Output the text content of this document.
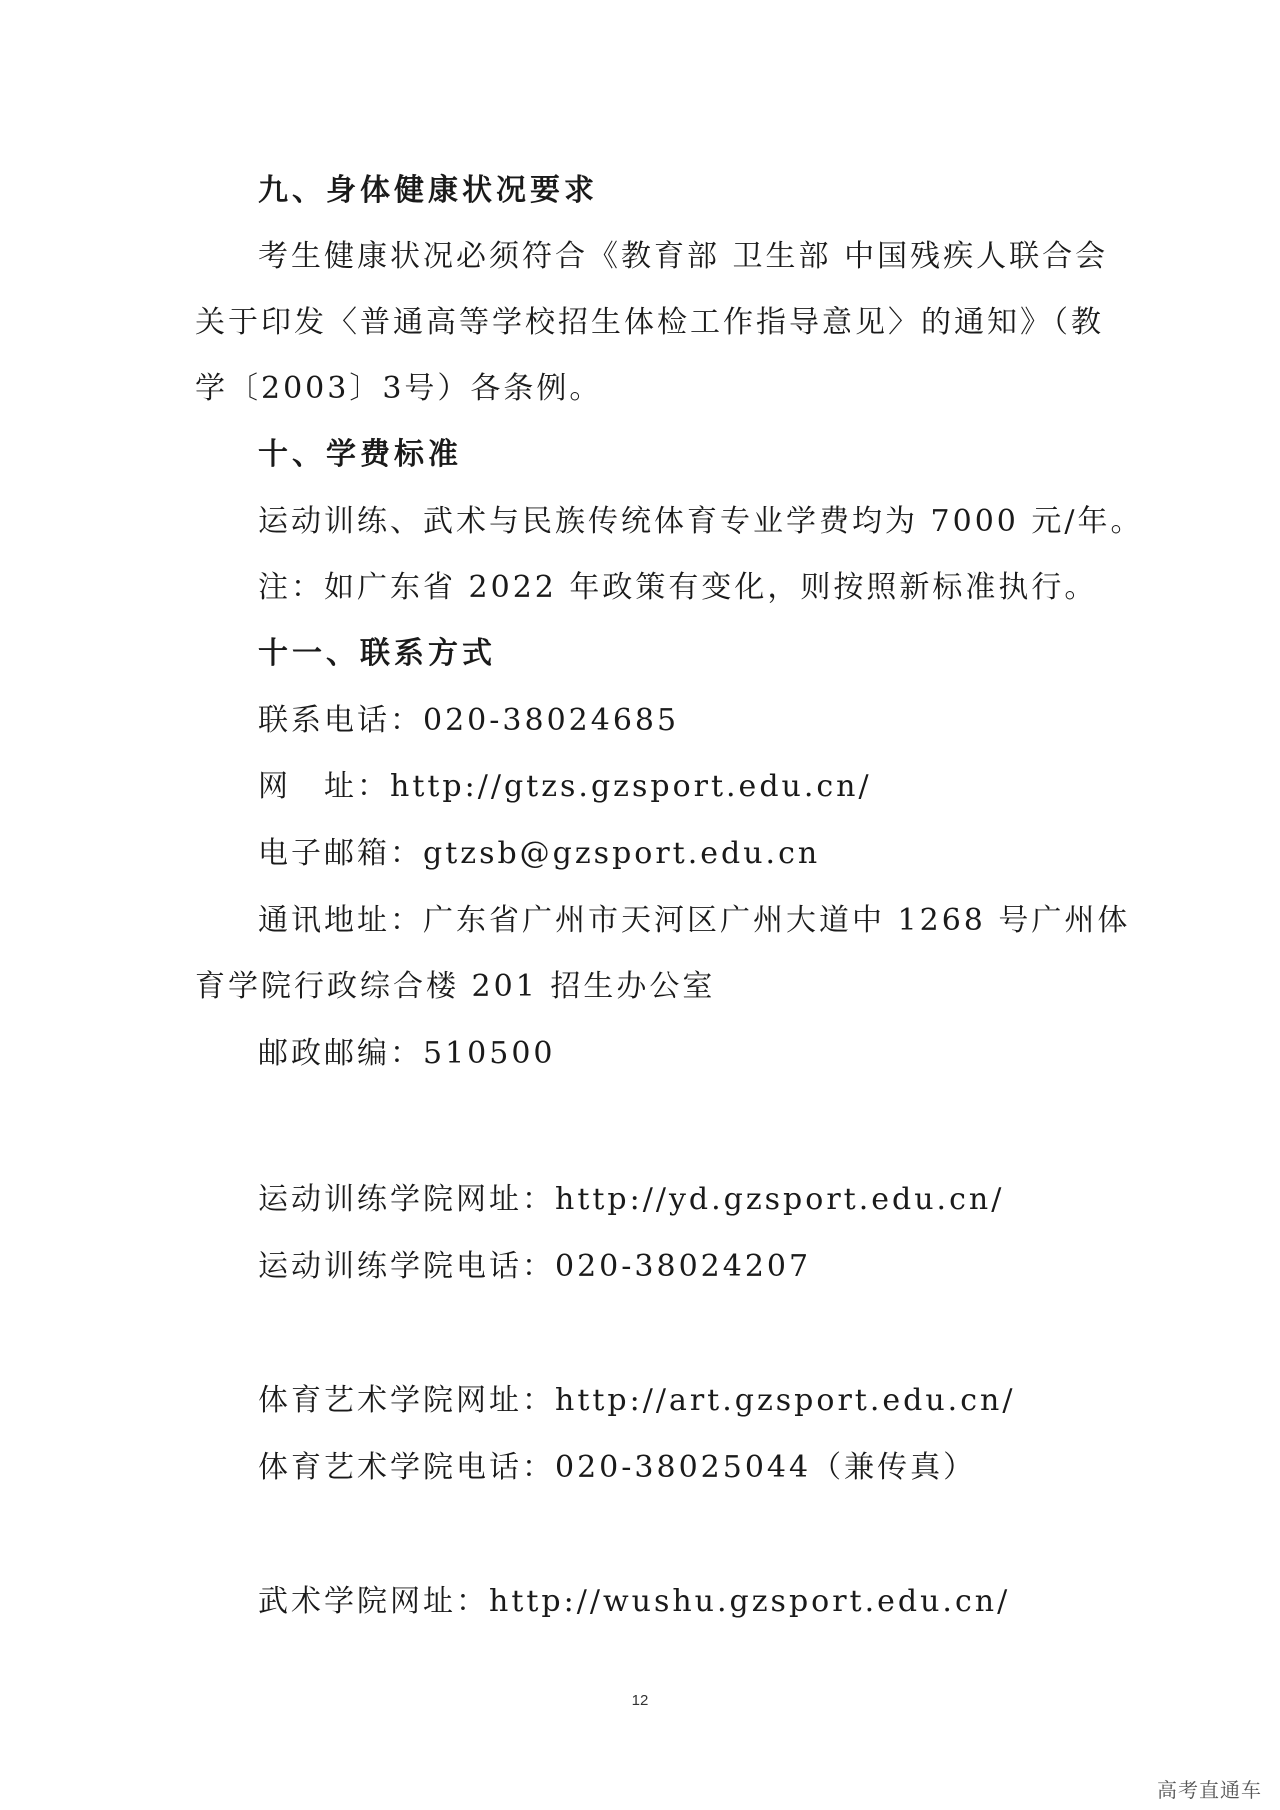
九、身体健康状况要求

考生健康状况必须符合《教育部 卫生部 中国残疾人联合会

关于印发〈普通高等学校招生体检工作指导意见〉的通知》（教

学〔2003〕3号）各条例。

十、学费标准

运动训练、武术与民族传统体育专业学费均为 7000 元/年。

注：如广东省 2022 年政策有变化，则按照新标准执行。

十一、联系方式

联系电话：020-38024685

网　址：http://gtzs.gzsport.edu.cn/

电子邮箱：gtzsb@gzsport.edu.cn

通讯地址：广东省广州市天河区广州大道中 1268 号广州体

育学院行政综合楼 201 招生办公室

邮政邮编：510500

运动训练学院网址：http://yd.gzsport.edu.cn/

运动训练学院电话：020-38024207

体育艺术学院网址：http://art.gzsport.edu.cn/

体育艺术学院电话：020-38025044（兼传真）

武术学院网址：http://wushu.gzsport.edu.cn/

12
高考直通车
